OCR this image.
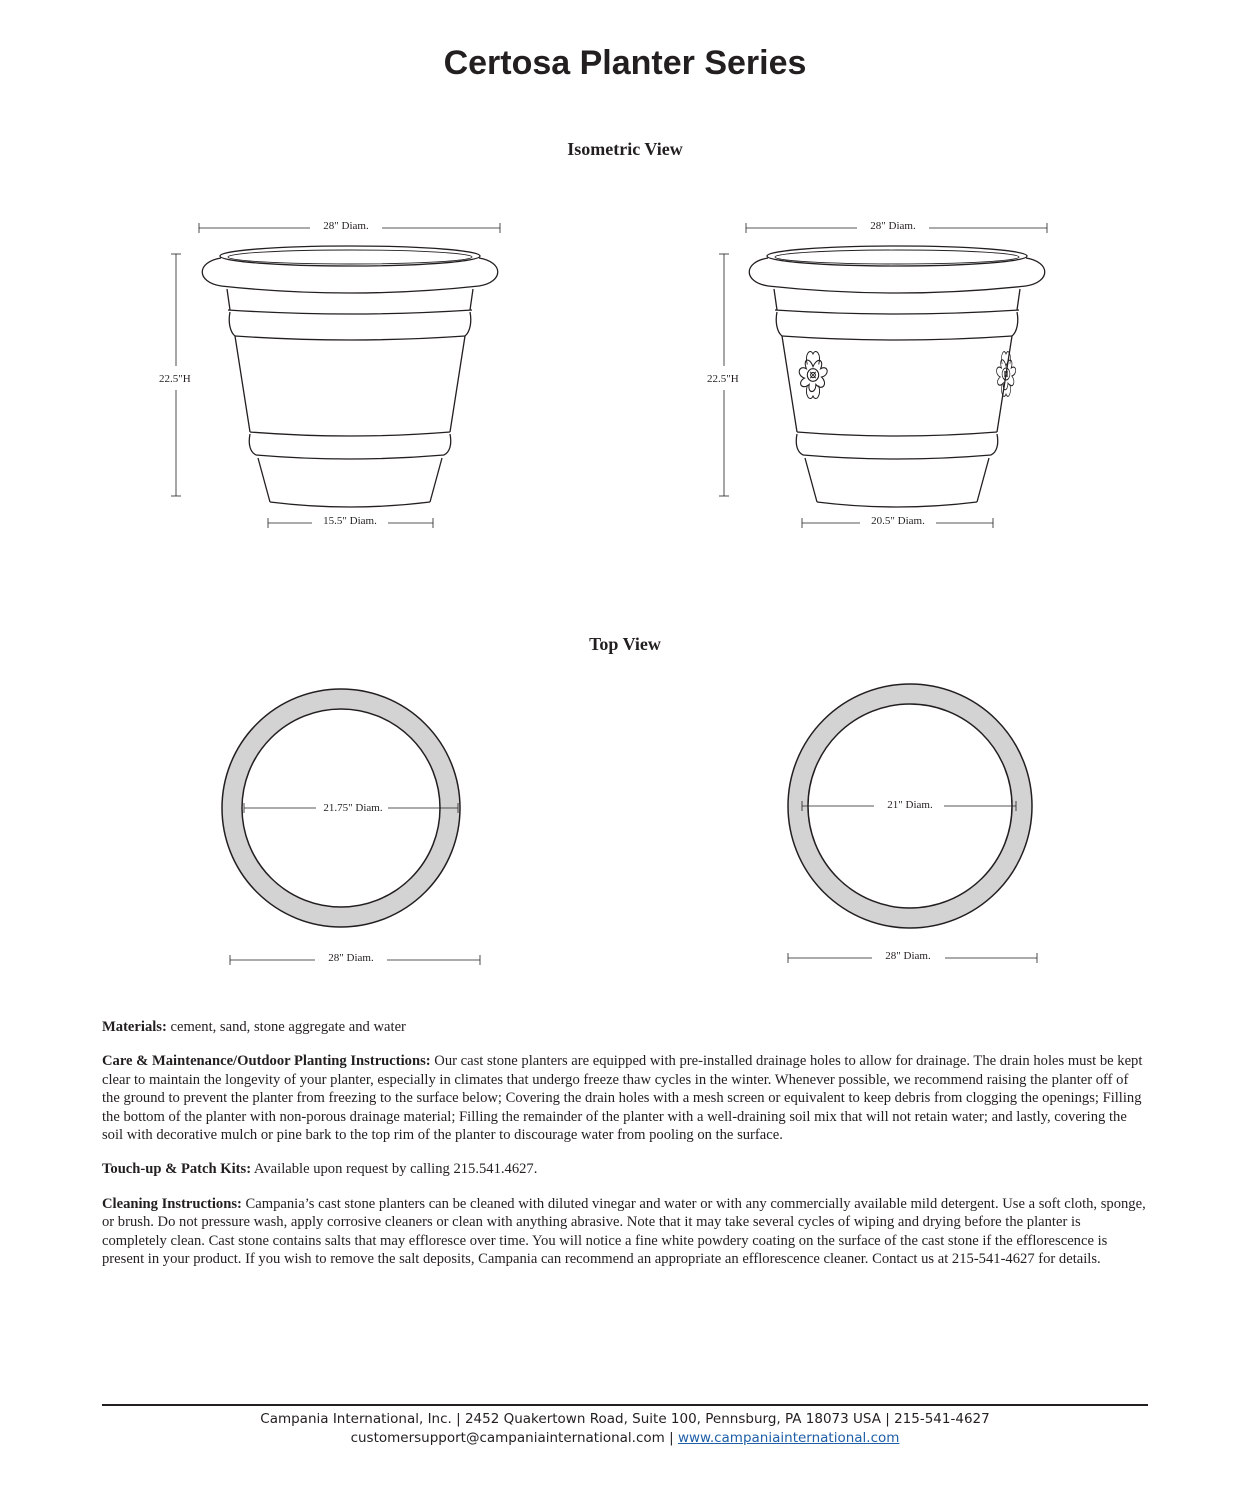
Certosa Planter Series
Isometric View
Top View
28" Diam.
22.5"H
15.5" Diam.
28" Diam.
22.5"H
20.5" Diam.
21.75" Diam.
28" Diam.
21" Diam.
28" Diam.

Materials: cement, sand, stone aggregate and water

Care & Maintenance/Outdoor Planting Instructions: Our cast stone planters are equipped with pre-installed drainage holes to allow for drainage. The drain holes must be kept clear to maintain the longevity of your planter, especially in climates that undergo freeze thaw cycles in the winter. Whenever possible, we recommend raising the planter off of the ground to prevent the planter from freezing to the surface below; Covering the drain holes with a mesh screen or equivalent to keep debris from clogging the openings; Filling the bottom of the planter with non-porous drainage material; Filling the remainder of the planter with a well-draining soil mix that will not retain water; and lastly, covering the soil with decorative mulch or pine bark to the top rim of the planter to discourage water from pooling on the surface.

Touch-up & Patch Kits: Available upon request by calling 215.541.4627.

Cleaning Instructions: Campania’s cast stone planters can be cleaned with diluted vinegar and water or with any commercially available mild detergent. Use a soft cloth, sponge, or brush. Do not pressure wash, apply corrosive cleaners or clean with anything abrasive. Note that it may take several cycles of wiping and drying before the planter is completely clean. Cast stone contains salts that may effloresce over time. You will notice a fine white powdery coating on the surface of the cast stone if the efflorescence is present in your product. If you wish to remove the salt deposits, Campania can recommend an appropriate an efflorescence cleaner. Contact us at 215-541-4627 for details.

Campania International, Inc. | 2452 Quakertown Road, Suite 100, Pennsburg, PA 18073 USA | 215-541-4627
customersupport@campaniainternational.com | www.campaniainternational.com
